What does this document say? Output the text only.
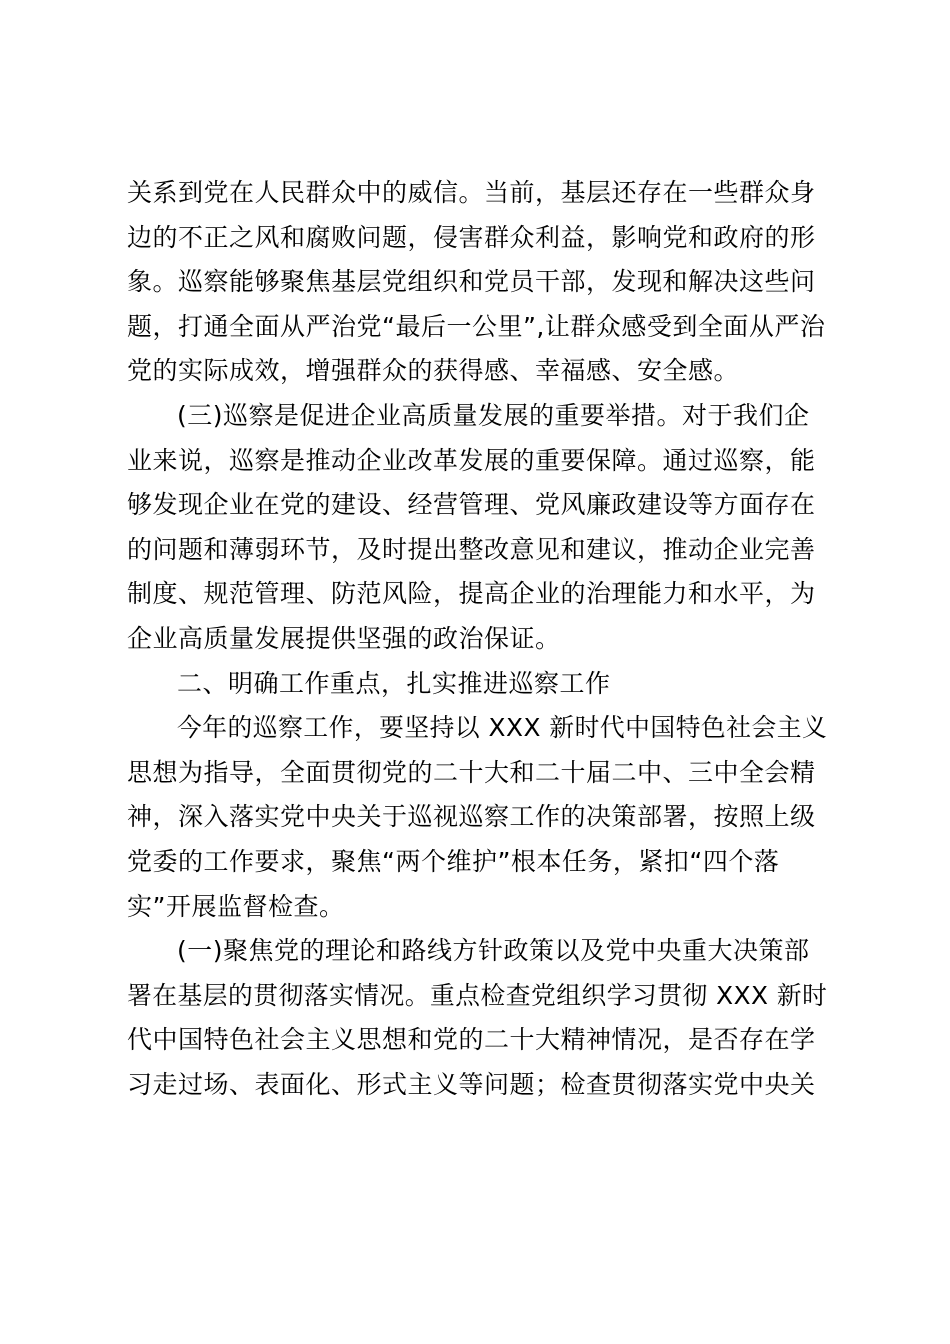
关系到党在人民群众中的威信。当前，基层还存在一些群众身
边的不正之风和腐败问题，侵害群众利益，影响党和政府的形
象。巡察能够聚焦基层党组织和党员干部，发现和解决这些问
题，打通全面从严治党“最后一公里”,让群众感受到全面从严治
党的实际成效，增强群众的获得感、幸福感、安全感。
(三)巡察是促进企业高质量发展的重要举措。对于我们企
业来说，巡察是推动企业改革发展的重要保障。通过巡察，能
够发现企业在党的建设、经营管理、党风廉政建设等方面存在
的问题和薄弱环节，及时提出整改意见和建议，推动企业完善
制度、规范管理、防范风险，提高企业的治理能力和水平，为
企业高质量发展提供坚强的政治保证。
二、明确工作重点，扎实推进巡察工作
今年的巡察工作，要坚持以 XXX 新时代中国特色社会主义
思想为指导，全面贯彻党的二十大和二十届二中、三中全会精
神，深入落实党中央关于巡视巡察工作的决策部署，按照上级
党委的工作要求，聚焦“两个维护”根本任务，紧扣“四个落
实”开展监督检查。
(一)聚焦党的理论和路线方针政策以及党中央重大决策部
署在基层的贯彻落实情况。重点检查党组织学习贯彻 XXX 新时
代中国特色社会主义思想和党的二十大精神情况，是否存在学
习走过场、表面化、形式主义等问题；检查贯彻落实党中央关
